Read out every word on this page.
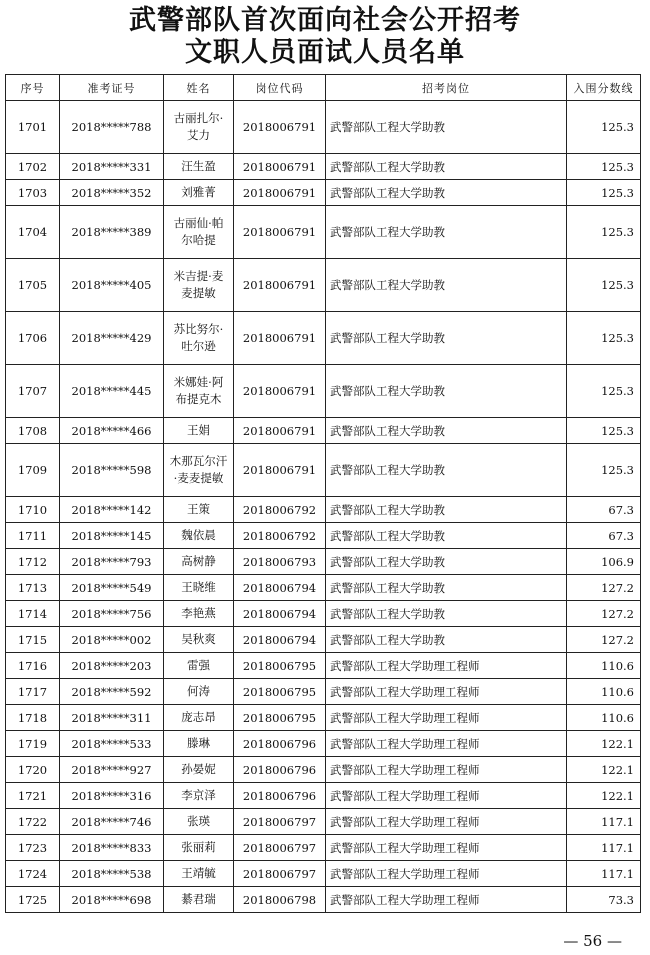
武警部队首次面向社会公开招考
文职人员面试人员名单
序号	准考证号	姓名	岗位代码	招考岗位	入围分数线
1701	2018*****788	古丽扎尔·艾力	2018006791	武警部队工程大学助教	125.3
1702	2018*****331	汪生盈	2018006791	武警部队工程大学助教	125.3
1703	2018*****352	刘雅菁	2018006791	武警部队工程大学助教	125.3
1704	2018*****389	古丽仙·帕尔哈提	2018006791	武警部队工程大学助教	125.3
1705	2018*****405	米吉提·麦麦提敏	2018006791	武警部队工程大学助教	125.3
1706	2018*****429	苏比努尔·吐尔逊	2018006791	武警部队工程大学助教	125.3
1707	2018*****445	米娜娃·阿布提克木	2018006791	武警部队工程大学助教	125.3
1708	2018*****466	王娟	2018006791	武警部队工程大学助教	125.3
1709	2018*****598	木那瓦尔汗·麦麦提敏	2018006791	武警部队工程大学助教	125.3
1710	2018*****142	王策	2018006792	武警部队工程大学助教	67.3
1711	2018*****145	魏依晨	2018006792	武警部队工程大学助教	67.3
1712	2018*****793	高树静	2018006793	武警部队工程大学助教	106.9
1713	2018*****549	王晓维	2018006794	武警部队工程大学助教	127.2
1714	2018*****756	李艳燕	2018006794	武警部队工程大学助教	127.2
1715	2018*****002	吴秋爽	2018006794	武警部队工程大学助教	127.2
1716	2018*****203	雷强	2018006795	武警部队工程大学助理工程师	110.6
1717	2018*****592	何涛	2018006795	武警部队工程大学助理工程师	110.6
1718	2018*****311	庞志昂	2018006795	武警部队工程大学助理工程师	110.6
1719	2018*****533	滕琳	2018006796	武警部队工程大学助理工程师	122.1
1720	2018*****927	孙晏妮	2018006796	武警部队工程大学助理工程师	122.1
1721	2018*****316	李京泽	2018006796	武警部队工程大学助理工程师	122.1
1722	2018*****746	张瑛	2018006797	武警部队工程大学助理工程师	117.1
1723	2018*****833	张丽莉	2018006797	武警部队工程大学助理工程师	117.1
1724	2018*****538	王靖毓	2018006797	武警部队工程大学助理工程师	117.1
1725	2018*****698	綦君瑞	2018006798	武警部队工程大学助理工程师	73.3
— 56 —
